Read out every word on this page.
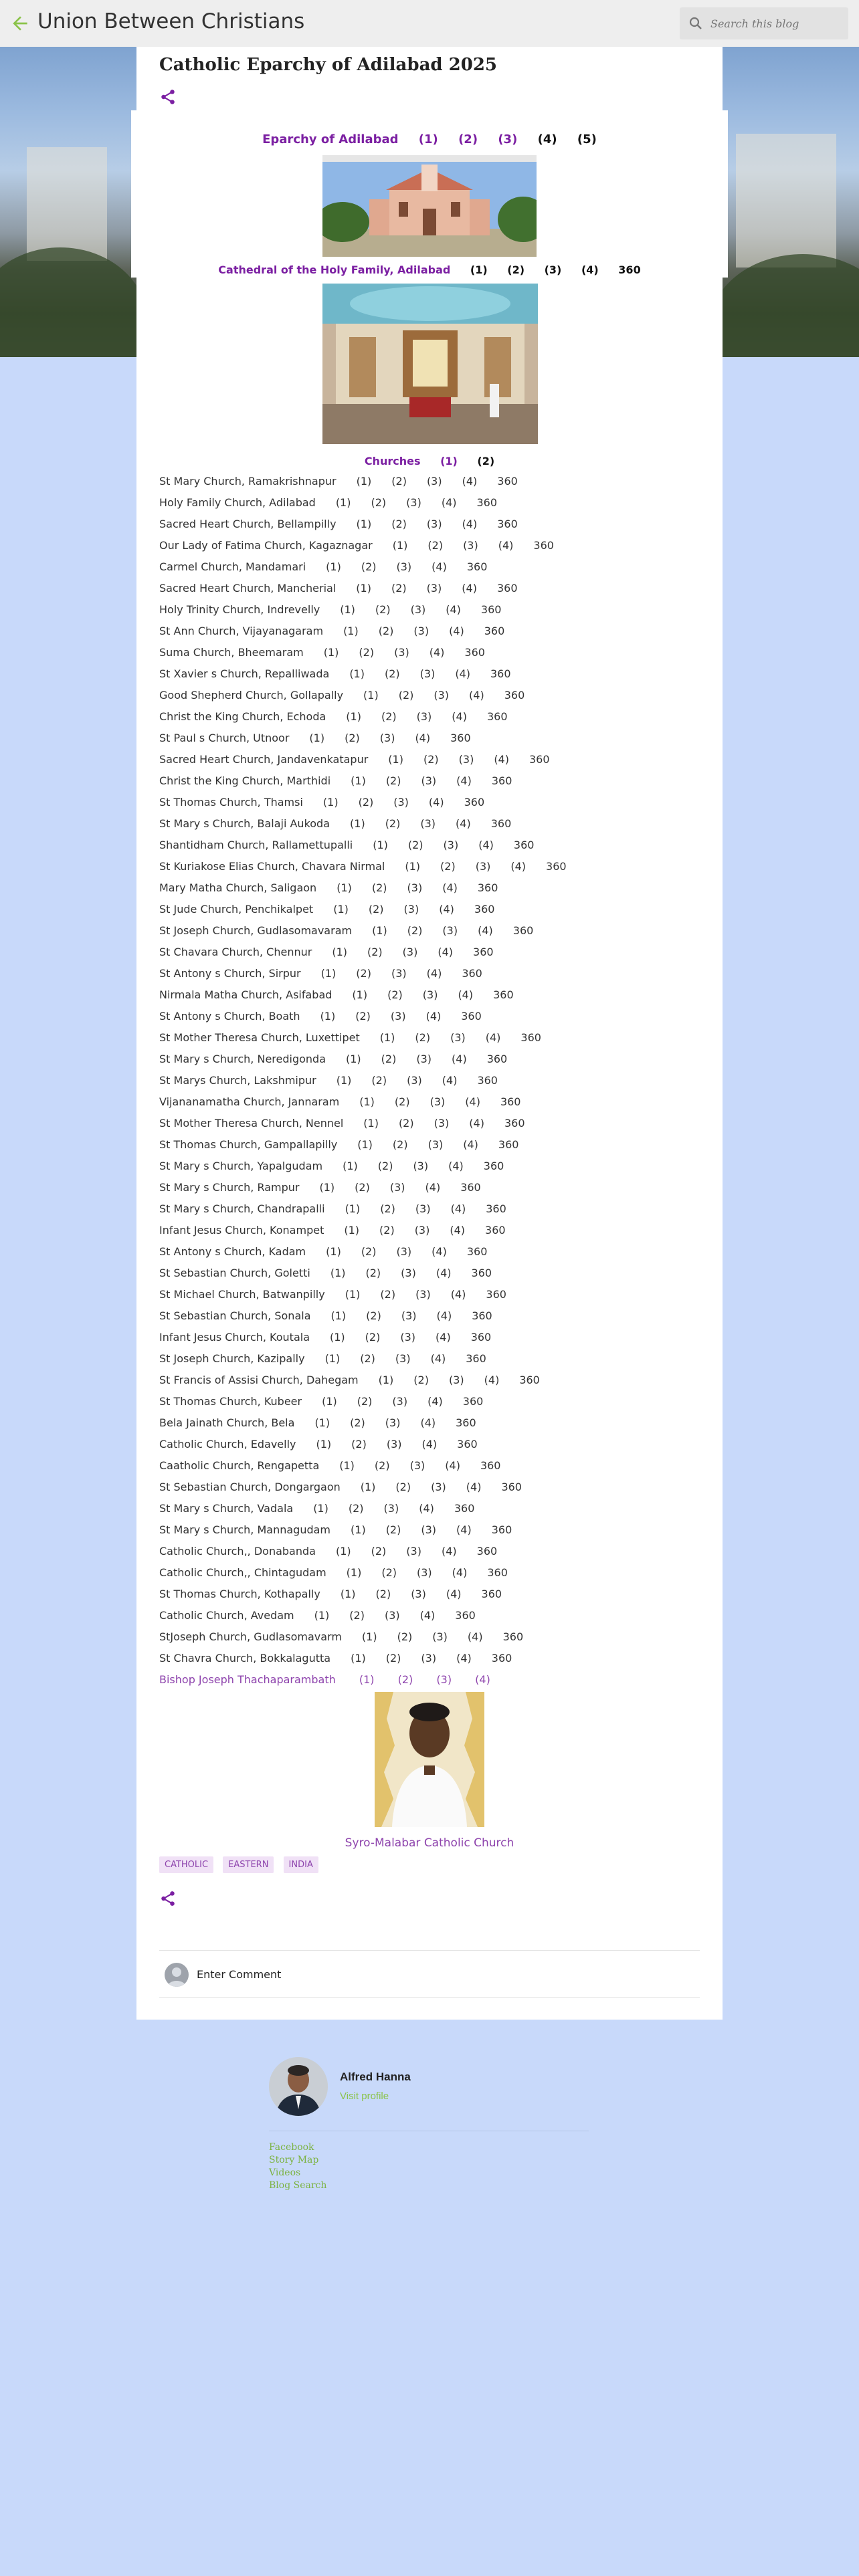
Union Between Christians
Search this blog
Catholic Eparchy of Adilabad 2025
Eparchy of Adilabad (1) (2) (3) (4) (5)
Cathedral of the Holy Family, Adilabad (1) (2) (3) (4) 360
Churches (1) (2)
St Mary Church, Ramakrishnapur (1) (2) (3) (4) 360
Holy Family Church, Adilabad (1) (2) (3) (4) 360
Sacred Heart Church, Bellampilly (1) (2) (3) (4) 360
Our Lady of Fatima Church, Kagaznagar (1) (2) (3) (4) 360
Carmel Church, Mandamari (1) (2) (3) (4) 360
Sacred Heart Church, Mancherial (1) (2) (3) (4) 360
Holy Trinity Church, Indrevelly (1) (2) (3) (4) 360
St Ann Church, Vijayanagaram (1) (2) (3) (4) 360
Suma Church, Bheemaram (1) (2) (3) (4) 360
St Xavier s Church, Repalliwada (1) (2) (3) (4) 360
Good Shepherd Church, Gollapally (1) (2) (3) (4) 360
Christ the King Church, Echoda (1) (2) (3) (4) 360
St Paul s Church, Utnoor (1) (2) (3) (4) 360
Sacred Heart Church, Jandavenkatapur (1) (2) (3) (4) 360
Christ the King Church, Marthidi (1) (2) (3) (4) 360
St Thomas Church, Thamsi (1) (2) (3) (4) 360
St Mary s Church, Balaji Aukoda (1) (2) (3) (4) 360
Shantidham Church, Rallamettupalli (1) (2) (3) (4) 360
St Kuriakose Elias Church, Chavara Nirmal (1) (2) (3) (4) 360
Mary Matha Church, Saligaon (1) (2) (3) (4) 360
St Jude Church, Penchikalpet (1) (2) (3) (4) 360
St Joseph Church, Gudlasomavaram (1) (2) (3) (4) 360
St Chavara Church, Chennur (1) (2) (3) (4) 360
St Antony s Church, Sirpur (1) (2) (3) (4) 360
Nirmala Matha Church, Asifabad (1) (2) (3) (4) 360
St Antony s Church, Boath (1) (2) (3) (4) 360
St Mother Theresa Church, Luxettipet (1) (2) (3) (4) 360
St Mary s Church, Neredigonda (1) (2) (3) (4) 360
St Marys Church, Lakshmipur (1) (2) (3) (4) 360
Vijananamatha Church, Jannaram (1) (2) (3) (4) 360
St Mother Theresa Church, Nennel (1) (2) (3) (4) 360
St Thomas Church, Gampallapilly (1) (2) (3) (4) 360
St Mary s Church, Yapalgudam (1) (2) (3) (4) 360
St Mary s Church, Rampur (1) (2) (3) (4) 360
St Mary s Church, Chandrapalli (1) (2) (3) (4) 360
Infant Jesus Church, Konampet (1) (2) (3) (4) 360
St Antony s Church, Kadam (1) (2) (3) (4) 360
St Sebastian Church, Goletti (1) (2) (3) (4) 360
St Michael Church, Batwanpilly (1) (2) (3) (4) 360
St Sebastian Church, Sonala (1) (2) (3) (4) 360
Infant Jesus Church, Koutala (1) (2) (3) (4) 360
St Joseph Church, Kazipally (1) (2) (3) (4) 360
St Francis of Assisi Church, Dahegam (1) (2) (3) (4) 360
St Thomas Church, Kubeer (1) (2) (3) (4) 360
Bela Jainath Church, Bela (1) (2) (3) (4) 360
Catholic Church, Edavelly (1) (2) (3) (4) 360
Caatholic Church, Rengapetta (1) (2) (3) (4) 360
St Sebastian Church, Dongargaon (1) (2) (3) (4) 360
St Mary s Church, Vadala (1) (2) (3) (4) 360
St Mary s Church, Mannagudam (1) (2) (3) (4) 360
Catholic Church,, Donabanda (1) (2) (3) (4) 360
Catholic Church,, Chintagudam (1) (2) (3) (4) 360
St Thomas Church, Kothapally (1) (2) (3) (4) 360
Catholic Church, Avedam (1) (2) (3) (4) 360
StJoseph Church, Gudlasomavarm (1) (2) (3) (4) 360
St Chavra Church, Bokkalagutta (1) (2) (3) (4) 360
Bishop Joseph Thachaparambath (1) (2) (3) (4)
Syro-Malabar Catholic Church
CATHOLIC EASTERN INDIA
Enter Comment
Alfred Hanna
Visit profile
Facebook
Story Map
Videos
Blog Search
